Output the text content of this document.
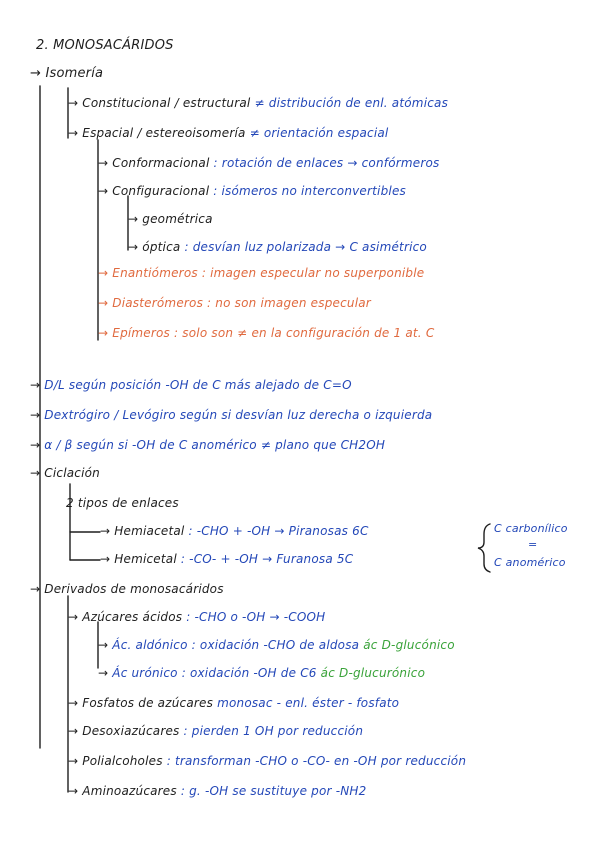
2. MONOSACÁRIDOS
→ Isomería
→ Constitucional / estructural ≠ distribución de enl. atómicas
→ Espacial / estereoisomería ≠ orientación espacial
→ Conformacional : rotación de enlaces → confórmeros
→ Configuracional : isómeros no interconvertibles
→ geométrica
→ óptica : desvían luz polarizada → C asimétrico
→ Enantiómeros : imagen especular no superponible
→ Diasterómeros : no son imagen especular
→ Epímeros : solo son ≠ en la configuración de 1 at. C
→ D/L según posición -OH de C más alejado de C=O
→ Dextrógiro / Levógiro según si desvían luz derecha o izquierda
→ α / β según si -OH de C anomérico ≠ plano que CH2OH
→ Ciclación
2 tipos de enlaces
→ Hemiacetal : -CHO + -OH → Piranosas 6C
→ Hemicetal : -CO- + -OH → Furanosa 5C
C carbonílico
=
C anomérico
→ Derivados de monosacáridos
→ Azúcares ácidos : -CHO o -OH → -COOH
→ Ác. aldónico : oxidación -CHO de aldosa ác D-glucónico
→ Ác urónico : oxidación -OH de C6 ác D-glucurónico
→ Fosfatos de azúcares monosac - enl. éster - fosfato
→ Desoxiazúcares : pierden 1 OH por reducción
→ Polialcoholes : transforman -CHO o -CO- en -OH por reducción
→ Aminoazúcares : g. -OH se sustituye por -NH2
